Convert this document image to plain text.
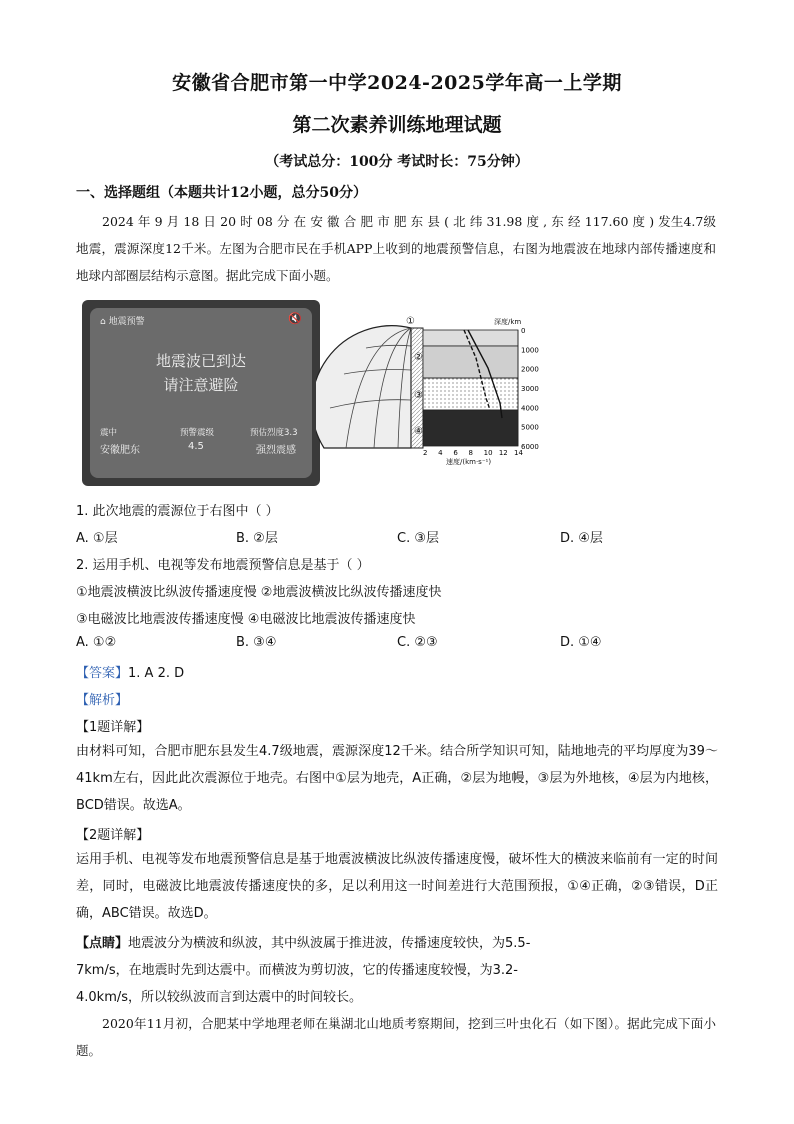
安徽省合肥市第一中学2024-2025学年高一上学期
第二次素养训练地理试题
（考试总分：100分 考试时长：75分钟）
一、选择题组（本题共计12小题，总分50分）
2024 年 9 月 18 日 20 时 08 分 在 安 徽 合 肥 市 肥 东 县 ( 北 纬 31.98 度 , 东 经 117.60 度 ) 发生4.7级地震，震源深度12千米。左图为合肥市民在手机APP上收到的地震预警信息，右图为地震波在地球内部传播速度和地球内部圈层结构示意图。据此完成下面小题。
⌂ 地震预警	🔇
地震波已到达
请注意避险
震中
安徽肥东
预警震级
4.5
预估烈度3.3
强烈震感
①
②
③
④
深度/km
0
1000
2000
3000
4000
5000
6000
2 4 6 8 10 12 14
速度/(km·s⁻¹)
1. 此次地震的震源位于右图中（ ）
A. ①层	B. ②层	C. ③层	D. ④层
2. 运用手机、电视等发布地震预警信息是基于（ ）
①地震波横波比纵波传播速度慢 ②地震波横波比纵波传播速度快
③电磁波比地震波传播速度慢 ④电磁波比地震波传播速度快
A. ①②	B. ③④	C. ②③	D. ①④
【答案】1. A 2. D
【解析】
【1题详解】
由材料可知，合肥市肥东县发生4.7级地震，震源深度12千米。结合所学知识可知，陆地地壳的平均厚度为39～41km左右，因此此次震源位于地壳。右图中①层为地壳，A正确，②层为地幔，③层为外地核，④层为内地核，BCD错误。故选A。
【2题详解】
运用手机、电视等发布地震预警信息是基于地震波横波比纵波传播速度慢，破坏性大的横波来临前有一定的时间差，同时，电磁波比地震波传播速度快的多，足以利用这一时间差进行大范围预报，①④正确，②③错误，D正确，ABC错误。故选D。
【点睛】地震波分为横波和纵波，其中纵波属于推进波，传播速度较快，为5.5-
7km/s，在地震时先到达震中。而横波为剪切波，它的传播速度较慢，为3.2-
4.0km/s，所以较纵波而言到达震中的时间较长。
2020年11月初，合肥某中学地理老师在巢湖北山地质考察期间，挖到三叶虫化石（如下图）。据此完成下面小题。
